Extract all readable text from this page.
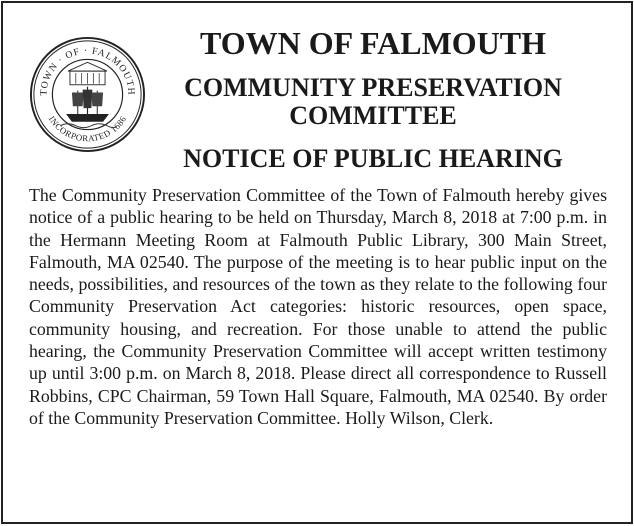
TOWN · OF · FALMOUTH
INCORPORATED 1686
TOWN OF FALMOUTH
COMMUNITY PRESERVATION COMMITTEE
NOTICE OF PUBLIC HEARING

The Community Preservation Committee of the Town of Falmouth hereby gives notice of a public hearing to be held on Thursday, March 8, 2018 at 7:00 p.m. in the Hermann Meeting Room at Falmouth Public Library, 300 Main Street, Falmouth, MA 02540. The purpose of the meeting is to hear public input on the needs, possibilities, and resources of the town as they relate to the following four Community Preservation Act categories: historic resources, open space, community housing, and recreation. For those unable to attend the public hearing, the Community Preservation Committee will accept written testimony up until 3:00 p.m. on March 8, 2018. Please direct all correspondence to Russell Robbins, CPC Chairman, 59 Town Hall Square, Falmouth, MA 02540. By order of the Community Preservation Committee. Holly Wilson, Clerk.
